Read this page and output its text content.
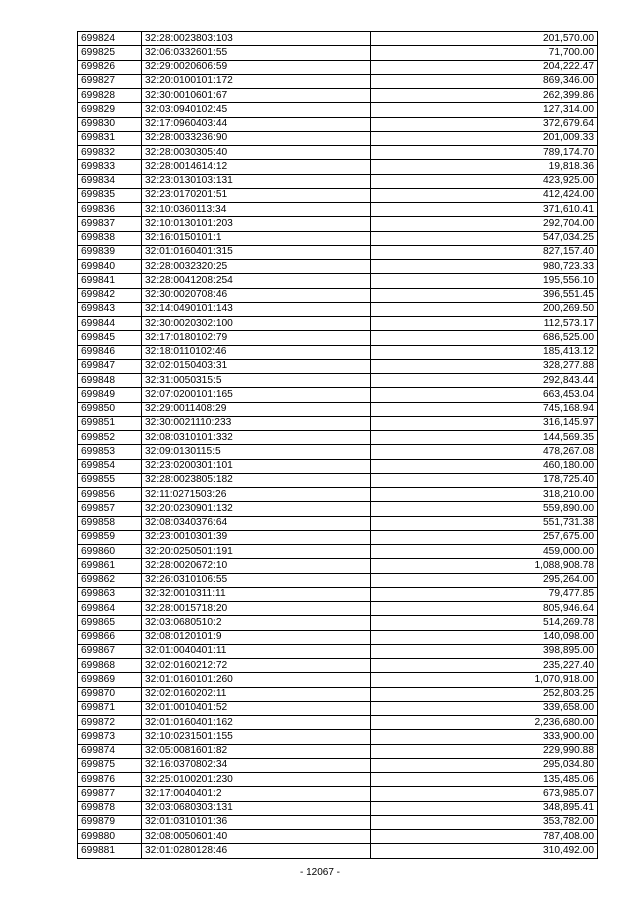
699824	32:28:0023803:103	201,570.00
699825	32:06:0332601:55	71,700.00
699826	32:29:0020606:59	204,222.47
699827	32:20:0100101:172	869,346.00
699828	32:30:0010601:67	262,399.86
699829	32:03:0940102:45	127,314.00
699830	32:17:0960403:44	372,679.64
699831	32:28:0033236:90	201,009.33
699832	32:28:0030305:40	789,174.70
699833	32:28:0014614:12	19,818.36
699834	32:23:0130103:131	423,925.00
699835	32:23:0170201:51	412,424.00
699836	32:10:0360113:34	371,610.41
699837	32:10:0130101:203	292,704.00
699838	32:16:0150101:1	547,034.25
699839	32:01:0160401:315	827,157.40
699840	32:28:0032320:25	980,723.33
699841	32:28:0041208:254	195,556.10
699842	32:30:0020708:46	396,551.45
699843	32:14:0490101:143	200,269.50
699844	32:30:0020302:100	112,573.17
699845	32:17:0180102:79	686,525.00
699846	32:18:0110102:46	185,413.12
699847	32:02:0150403:31	328,277.88
699848	32:31:0050315:5	292,843.44
699849	32:07:0200101:165	663,453.04
699850	32:29:0011408:29	745,168.94
699851	32:30:0021110:233	316,145.97
699852	32:08:0310101:332	144,569.35
699853	32:09:0130115:5	478,267.08
699854	32:23:0200301:101	460,180.00
699855	32:28:0023805:182	178,725.40
699856	32:11:0271503:26	318,210.00
699857	32:20:0230901:132	559,890.00
699858	32:08:0340376:64	551,731.38
699859	32:23:0010301:39	257,675.00
699860	32:20:0250501:191	459,000.00
699861	32:28:0020672:10	1,088,908.78
699862	32:26:0310106:55	295,264.00
699863	32:32:0010311:11	79,477.85
699864	32:28:0015718:20	805,946.64
699865	32:03:0680510:2	514,269.78
699866	32:08:0120101:9	140,098.00
699867	32:01:0040401:11	398,895.00
699868	32:02:0160212:72	235,227.40
699869	32:01:0160101:260	1,070,918.00
699870	32:02:0160202:11	252,803.25
699871	32:01:0010401:52	339,658.00
699872	32:01:0160401:162	2,236,680.00
699873	32:10:0231501:155	333,900.00
699874	32:05:0081601:82	229,990.88
699875	32:16:0370802:34	295,034.80
699876	32:25:0100201:230	135,485.06
699877	32:17:0040401:2	673,985.07
699878	32:03:0680303:131	348,895.41
699879	32:01:0310101:36	353,782.00
699880	32:08:0050601:40	787,408.00
699881	32:01:0280128:46	310,492.00
- 12067 -
